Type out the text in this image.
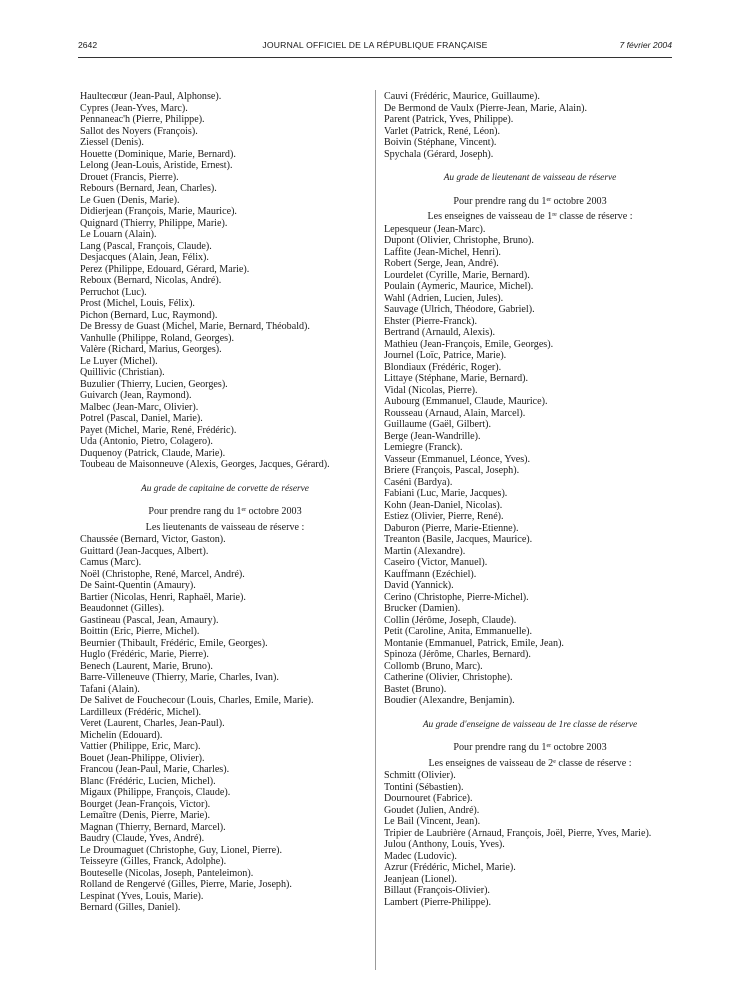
2642	JOURNAL OFFICIEL DE LA RÉPUBLIQUE FRANÇAISE	7 février 2004
Haultecœur (Jean-Paul, Alphonse).
Cypres (Jean-Yves, Marc).
Pennaneac'h (Pierre, Philippe).
Sallot des Noyers (François).
Ziessel (Denis).
Houette (Dominique, Marie, Bernard).
Lelong (Jean-Louis, Aristide, Ernest).
Drouet (Francis, Pierre).
Rebours (Bernard, Jean, Charles).
Le Guen (Denis, Marie).
Didierjean (François, Marie, Maurice).
Quignard (Thierry, Philippe, Marie).
Le Louarn (Alain).
Lang (Pascal, François, Claude).
Desjacques (Alain, Jean, Félix).
Perez (Philippe, Edouard, Gérard, Marie).
Reboux (Bernard, Nicolas, André).
Perruchot (Luc).
Prost (Michel, Louis, Félix).
Pichon (Bernard, Luc, Raymond).
De Bressy de Guast (Michel, Marie, Bernard, Théobald).
Vanhulle (Philippe, Roland, Georges).
Valère (Richard, Marius, Georges).
Le Luyer (Michel).
Quillivic (Christian).
Buzulier (Thierry, Lucien, Georges).
Guivarch (Jean, Raymond).
Malbec (Jean-Marc, Olivier).
Potrel (Pascal, Daniel, Marie).
Payet (Michel, Marie, René, Frédéric).
Uda (Antonio, Pietro, Colagero).
Duquenoy (Patrick, Claude, Marie).
Toubeau de Maisonneuve (Alexis, Georges, Jacques, Gérard).
Au grade de capitaine de corvette de réserve
Pour prendre rang du 1er octobre 2003
Les lieutenants de vaisseau de réserve :
Chaussée (Bernard, Victor, Gaston).
Guittard (Jean-Jacques, Albert).
Camus (Marc).
Noël (Christophe, René, Marcel, André).
De Saint-Quentin (Amaury).
Bartier (Nicolas, Henri, Raphaël, Marie).
Beaudonnet (Gilles).
Gastineau (Pascal, Jean, Amaury).
Boittin (Eric, Pierre, Michel).
Beurnier (Thibault, Frédéric, Emile, Georges).
Huglo (Frédéric, Marie, Pierre).
Benech (Laurent, Marie, Bruno).
Barre-Villeneuve (Thierry, Marie, Charles, Ivan).
Tafani (Alain).
De Salivet de Fouchecour (Louis, Charles, Emile, Marie).
Lardilleux (Frédéric, Michel).
Veret (Laurent, Charles, Jean-Paul).
Michelin (Edouard).
Vattier (Philippe, Eric, Marc).
Bouet (Jean-Philippe, Olivier).
Francou (Jean-Paul, Marie, Charles).
Blanc (Frédéric, Lucien, Michel).
Migaux (Philippe, François, Claude).
Bourget (Jean-François, Victor).
Lemaître (Denis, Pierre, Marie).
Magnan (Thierry, Bernard, Marcel).
Baudry (Claude, Yves, André).
Le Droumaguet (Christophe, Guy, Lionel, Pierre).
Teisseyre (Gilles, Franck, Adolphe).
Bouteselle (Nicolas, Joseph, Panteleimon).
Rolland de Rengervé (Gilles, Pierre, Marie, Joseph).
Lespinat (Yves, Louis, Marie).
Bernard (Gilles, Daniel).
Cauvi (Frédéric, Maurice, Guillaume).
De Bermond de Vaulx (Pierre-Jean, Marie, Alain).
Parent (Patrick, Yves, Philippe).
Varlet (Patrick, René, Léon).
Boivin (Stéphane, Vincent).
Spychala (Gérard, Joseph).
Au grade de lieutenant de vaisseau de réserve
Pour prendre rang du 1er octobre 2003
Les enseignes de vaisseau de 1re classe de réserve :
Lepesqueur (Jean-Marc).
Dupont (Olivier, Christophe, Bruno).
Laffite (Jean-Michel, Henri).
Robert (Serge, Jean, André).
Lourdelet (Cyrille, Marie, Bernard).
Poulain (Aymeric, Maurice, Michel).
Wahl (Adrien, Lucien, Jules).
Sauvage (Ulrich, Théodore, Gabriel).
Ehster (Pierre-Franck).
Bertrand (Arnauld, Alexis).
Mathieu (Jean-François, Emile, Georges).
Journel (Loïc, Patrice, Marie).
Blondiaux (Frédéric, Roger).
Littaye (Stéphane, Marie, Bernard).
Vidal (Nicolas, Pierre).
Aubourg (Emmanuel, Claude, Maurice).
Rousseau (Arnaud, Alain, Marcel).
Guillaume (Gaël, Gilbert).
Berge (Jean-Wandrille).
Lemiegre (Franck).
Vasseur (Emmanuel, Léonce, Yves).
Briere (François, Pascal, Joseph).
Caséni (Bardya).
Fabiani (Luc, Marie, Jacques).
Kohn (Jean-Daniel, Nicolas).
Estiez (Olivier, Pierre, René).
Daburon (Pierre, Marie-Etienne).
Treanton (Basile, Jacques, Maurice).
Martin (Alexandre).
Caseiro (Victor, Manuel).
Kauffmann (Ezéchiel).
David (Yannick).
Cerino (Christophe, Pierre-Michel).
Brucker (Damien).
Collin (Jérôme, Joseph, Claude).
Petit (Caroline, Anita, Emmanuelle).
Montanie (Emmanuel, Patrick, Emile, Jean).
Spinoza (Jérôme, Charles, Bernard).
Collomb (Bruno, Marc).
Catherine (Olivier, Christophe).
Bastet (Bruno).
Boudier (Alexandre, Benjamin).
Au grade d'enseigne de vaisseau de 1re classe de réserve
Pour prendre rang du 1er octobre 2003
Les enseignes de vaisseau de 2e classe de réserve :
Schmitt (Olivier).
Tontini (Sébastien).
Dournouret (Fabrice).
Goudet (Julien, André).
Le Bail (Vincent, Jean).
Tripier de Laubrière (Arnaud, François, Joël, Pierre, Yves, Marie).
Julou (Anthony, Louis, Yves).
Madec (Ludovic).
Azrur (Frédéric, Michel, Marie).
Jeanjean (Lionel).
Billaut (François-Olivier).
Lambert (Pierre-Philippe).
